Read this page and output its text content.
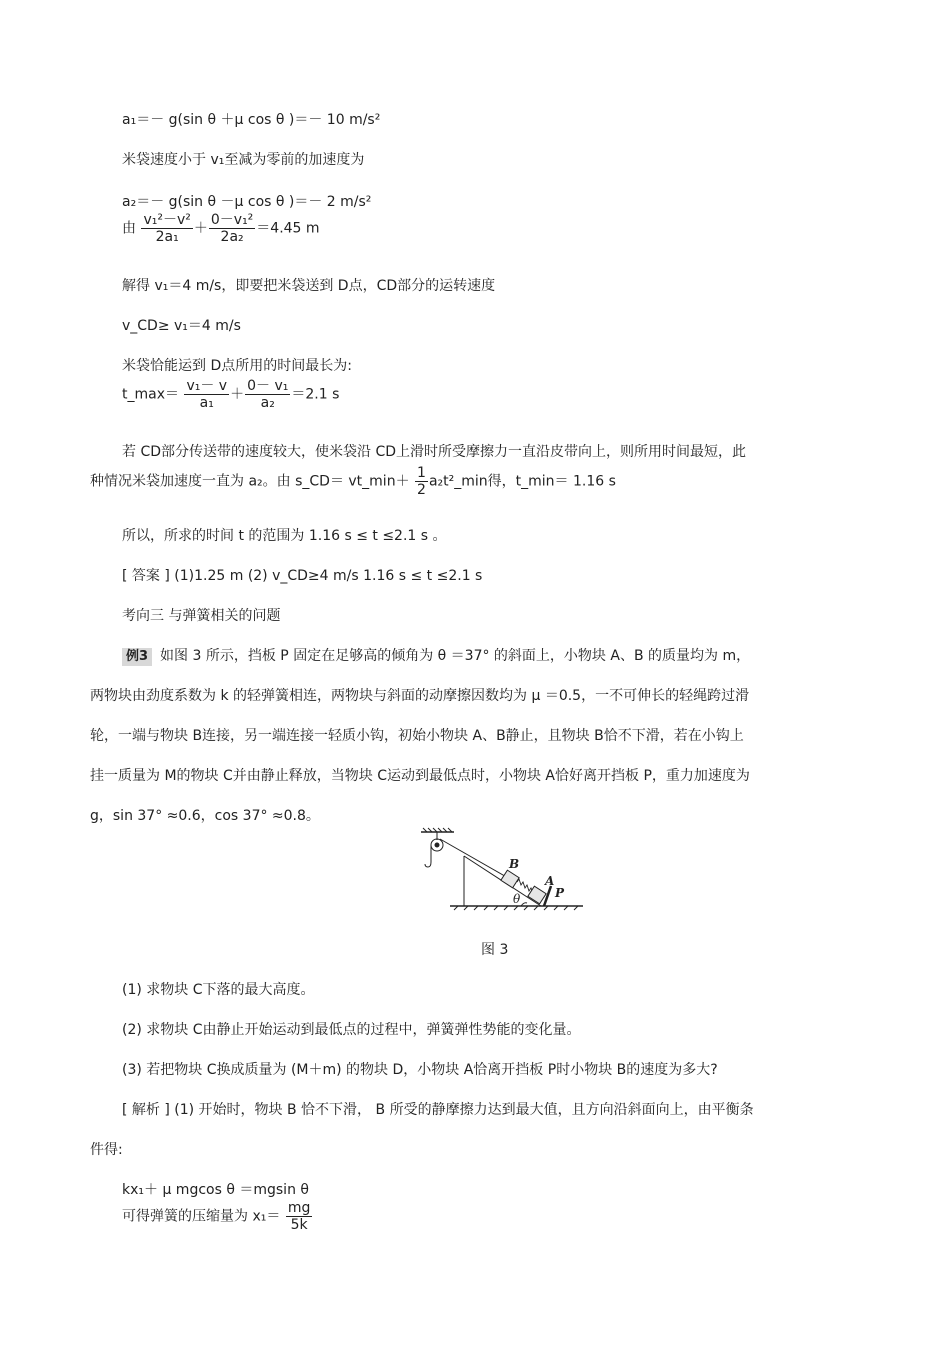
a₁＝－ g(sin θ ＋μ cos θ )＝－ 10 m/s²
米袋速度小于 v₁至减为零前的加速度为
a₂＝－ g(sin θ －μ cos θ )＝－ 2 m/s²
由 $\frac{\text{v₁²－v²}}{\text{2a₁}} + \frac{\text{0－v₁²}}{\text{2a₂}} =4.45$ m
解得 v₁＝4 m/s，即要把米袋送到 D点，CD部分的运转速度
v_CD≥ v₁＝4 m/s
米袋恰能运到 D点所用的时间最长为:
t_max＝ $\frac{\text{v₁－ v}}{\text{a₁}} + \frac{\text{0－ v₁}}{\text{a₂}} =2.1$ s
若 CD部分传送带的速度较大，使米袋沿 CD上滑时所受摩擦力一直沿皮带向上，则所用时间最短，此
种情况米袋加速度一直为 a₂。由 s_CD＝ vt_min＋ $\frac{1}{2}$ a₂t²_min得，t_min＝ 1.16 s
所以，所求的时间 t 的范围为 1.16 s ≤ t ≤2.1 s 。
[ 答案 ] (1)1.25 m (2) v_CD≥4 m/s 1.16 s ≤ t ≤2.1 s
考向三 与弹簧相关的问题
例3 如图 3 所示，挡板 P 固定在足够高的倾角为 θ ＝37° 的斜面上，小物块 A、B 的质量均为 m，
两物块由劲度系数为 k 的轻弹簧相连，两物块与斜面的动摩擦因数均为 μ ＝0.5，一不可伸长的轻绳跨过滑
轮，一端与物块 B连接，另一端连接一轻质小钩，初始小物块 A、B静止，且物块 B恰不下滑，若在小钩上
挂一质量为 M的物块 C并由静止释放，当物块 C运动到最低点时，小物块 A恰好离开挡板 P，重力加速度为
g，sin 37° ≈0.6，cos 37° ≈0.8。
B
A
P
θ
图 3
(1) 求物块 C下落的最大高度。
(2) 求物块 C由静止开始运动到最低点的过程中，弹簧弹性势能的变化量。
(3) 若把物块 C换成质量为 (M＋m) 的物块 D，小物块 A恰离开挡板 P时小物块 B的速度为多大?
[ 解析 ] (1) 开始时，物块 B 恰不下滑， B 所受的静摩擦力达到最大值，且方向沿斜面向上，由平衡条
件得:
kx₁＋ μ mgcos θ ＝mgsin θ
可得弹簧的压缩量为 $x_1= \frac{mg}{5k}$
